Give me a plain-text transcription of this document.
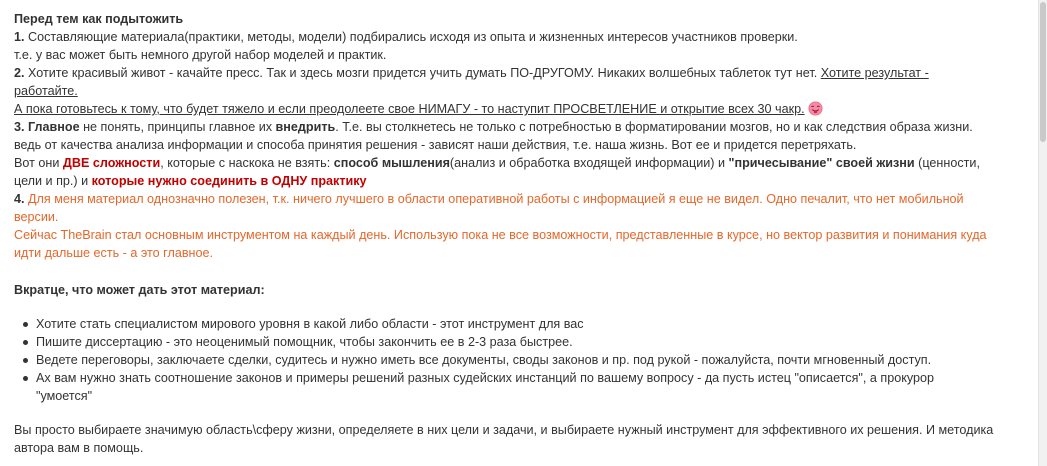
Перед тем как подытожить

1. Составляющие материала(практики, методы, модели) подбирались исходя из опыта и жизненных интересов участников проверки.

т.е. у вас может быть немного другой набор моделей и практик.

2. Хотите красивый живот - качайте пресс. Так и здесь мозги придется учить думать ПО-ДРУГОМУ. Никаких волшебных таблеток тут нет. Хотите результат -

работайте.

А пока готовьтесь к тому, что будет тяжело и если преодолеете свое НИМАГУ - то наступит ПРОСВЕТЛЕНИЕ и открытие всех 30 чакр.

3. Главное не понять, принципы главное их внедрить. Т.е. вы столкнетесь не только с потребностью в форматировании мозгов, но и как следствия образа жизни.

ведь от качества анализа информации и способа принятия решения - зависят наши действия, т.е. наша жизнь. Вот ее и придется перетряхать.

Вот они ДВЕ сложности, которые с наскока не взять: способ мышления(анализ и обработка входящей информации) и "причесывание" своей жизни (ценности,

цели и пр.) и которые нужно соединить в ОДНУ практику

4. Для меня материал однозначно полезен, т.к. ничего лучшего в области оперативной работы с информацией я еще не видел. Одно печалит, что нет мобильной

версии.

Сейчас TheBrain стал основным инструментом на каждый день. Использую пока не все возможности, представленные в курсе, но вектор развития и понимания куда

идти дальше есть - а это главное.

Вкратце, что может дать этот материал:

Хотите стать специалистом мирового уровня в какой либо области - этот инструмент для вас
Пишите диссертацию - это неоценимый помощник, чтобы закончить ее в 2-3 раза быстрее.
Ведете переговоры, заключаете сделки, судитесь и нужно иметь все документы, своды законов и пр. под рукой - пожалуйста, почти мгновенный доступ.
Ах вам нужно знать соотношение законов и примеры решений разных судейских инстанций по вашему вопросу - да пусть истец "описается", а прокурор
"умоется"

Вы просто выбираете значимую область\сферу жизни, определяете в них цели и задачи, и выбираете нужный инструмент для эффективного их решения. И методика

автора вам в помощь.
